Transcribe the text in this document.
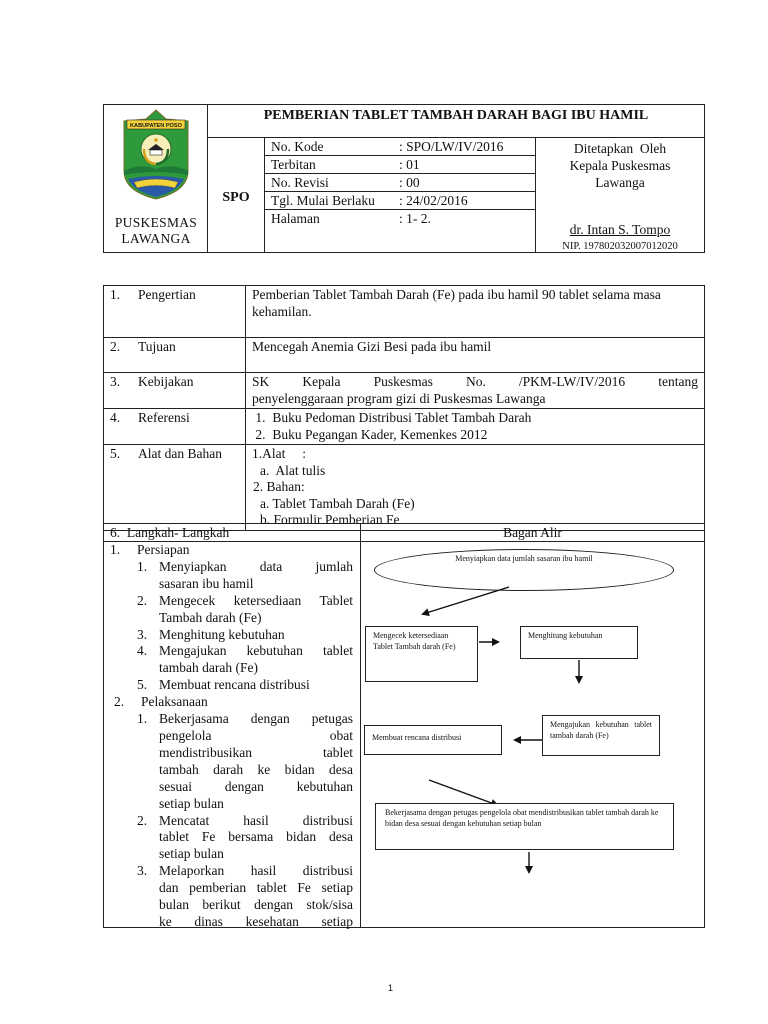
KABUPATEN POSO
PUSKESMAS
LAWANGA
PEMBERIAN TABLET TAMBAH DARAH BAGI IBU HAMIL
SPO
No. Kode	: SPO/LW/IV/2016
Terbitan	: 01
No. Revisi	: 00
Tgl. Mulai Berlaku	: 24/02/2016
Halaman	: 1- 2.
Ditetapkan  Oleh
Kepala Puskesmas
Lawanga
dr. Intan S. Tompo
NIP. 197802032007012020
1. Pengertian	Pemberian Tablet Tambah Darah (Fe) pada ibu hamil 90 tablet selama masa kehamilan.
2. Tujuan	Mencegah Anemia Gizi Besi pada ibu hamil
3. Kebijakan	SK Kepala Puskesmas No. /PKM-LW/IV/2016 tentang
penyelenggaraan program gizi di Puskesmas Lawanga

4. Referensi	1. Buku Pedoman Distribusi Tablet Tambah Darah
2. Buku Pegangan Kader, Kemenkes 2012

5. Alat dan Bahan	1.Alat     :
a.  Alat tulis
2. Bahan:
a. Tablet Tambah Darah (Fe)
b. Formulir Pemberian Fe
6. Langkah- Langkah	Bagan Alir
1. Persiapan
1. Menyiapkan data jumlah
sasaran ibu hamil
2. Mengecek ketersediaan Tablet
Tambah darah (Fe)
3. Menghitung kebutuhan
4. Mengajukan kebutuhan tablet
tambah darah (Fe)
5. Membuat rencana distribusi
2. Pelaksanaan
1. Bekerjasama dengan petugas
pengelola obat
mendistribusikan tablet
tambah darah ke bidan desa
sesuai dengan kebutuhan
setiap bulan
2. Mencatat hasil distribusi
tablet Fe bersama bidan desa
setiap bulan
3. Melaporkan hasil distribusi
dan pemberian tablet Fe setiap
bulan berikut dengan stok/sisa
ke dinas kesehatan setiap
Menyiapkan data jumlah sasaran ibu hamil
Mengecek ketersediaan Tablet Tambah darah (Fe)
Menghitung kebutuhan
Mengajukan kebutuhan tablet tambah darah (Fe)
Membuat rencana distribusi
Bekerjasama dengan petugas pengelola obat mendistribusikan tablet tambah darah ke bidan desa sesuai dengan kebutuhan setiap bulan
1
